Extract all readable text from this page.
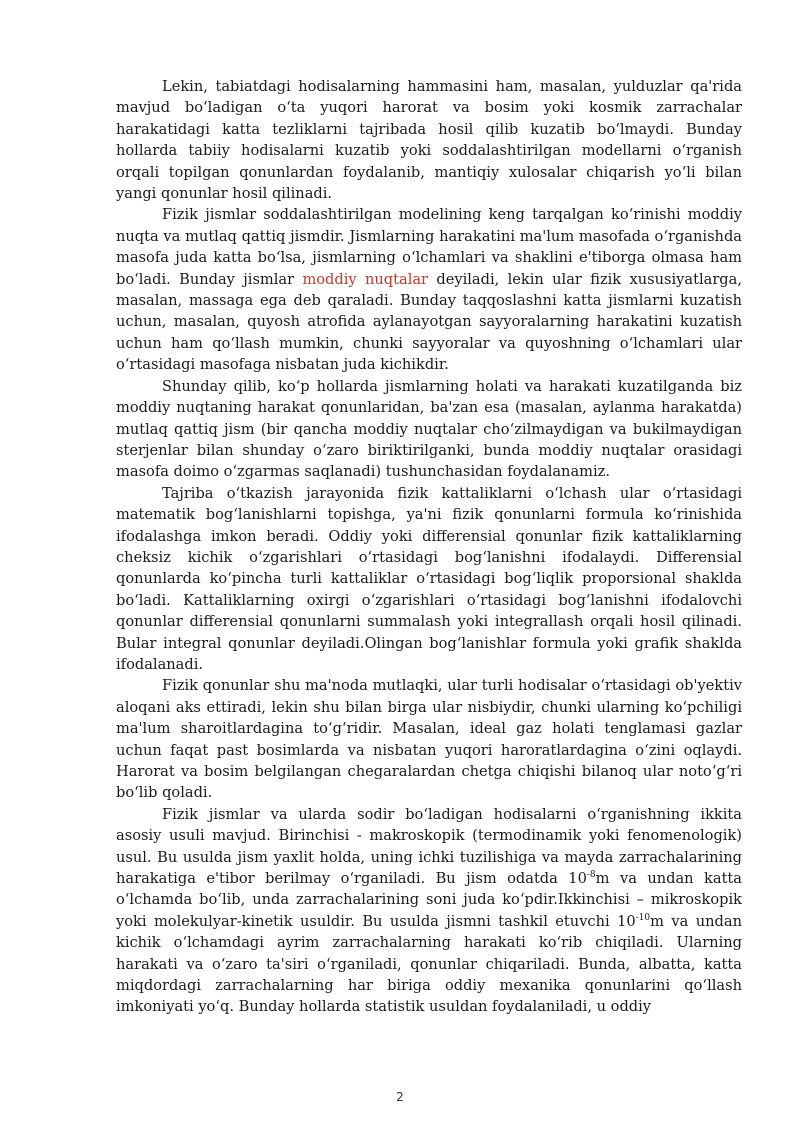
Lekin, tabiatdagi hodisalarning hammasini ham, masalan, yulduzlar qa'rida mavjud bo‘ladigan o‘ta yuqori harorat va bosim yoki kosmik zarrachalar harakatidagi katta tezliklarni tajribada hosil qilib kuzatib bo‘lmaydi. Bunday hollarda tabiiy hodisalarni kuzatib yoki soddalashtirilgan modellarni o‘rganish orqali topilgan qonunlardan foydalanib, mantiqiy xulosalar chiqarish yo‘li bilan yangi qonunlar hosil qilinadi.

Fizik jismlar soddalashtirilgan modelining keng tarqalgan ko‘rinishi moddiy nuqta va mutlaq qattiq jismdir. Jismlarning harakatini ma'lum masofada o‘rganishda masofa juda katta bo‘lsa, jismlarning o‘lchamlari va shaklini e'tiborga olmasa ham bo‘ladi. Bunday jismlar moddiy nuqtalar deyiladi, lekin ular fizik xususiyatlarga, masalan, massaga ega deb qaraladi. Bunday taqqoslashni katta jismlarni kuzatish uchun, masalan, quyosh atrofida aylanayotgan sayyoralarning harakatini kuzatish uchun ham qo‘llash mumkin, chunki sayyoralar va quyoshning o‘lchamlari ular o‘rtasidagi masofaga nisbatan juda kichikdir.

Shunday qilib, ko‘p hollarda jismlarning holati va harakati kuzatilganda biz moddiy nuqtaning harakat qonunlaridan, ba'zan esa (masalan, aylanma harakatda) mutlaq qattiq jism (bir qancha moddiy nuqtalar cho‘zilmaydigan va bukilmaydigan sterjenlar bilan shunday o‘zaro biriktirilganki, bunda moddiy nuqtalar orasidagi masofa doimo o‘zgarmas saqlanadi) tushunchasidan foydalanamiz.

Tajriba o‘tkazish jarayonida fizik kattaliklarni o‘lchash ular o‘rtasidagi matematik bog‘lanishlarni topishga, ya'ni fizik qonunlarni formula ko‘rinishida ifodalashga imkon beradi. Oddiy yoki differensial qonunlar fizik kattaliklarning cheksiz kichik o‘zgarishlari o‘rtasidagi bog‘lanishni ifodalaydi. Differensial qonunlarda ko‘pincha turli kattaliklar o‘rtasidagi bog‘liqlik proporsional shaklda bo‘ladi. Kattaliklarning oxirgi o‘zgarishlari o‘rtasidagi bog‘lanishni ifodalovchi qonunlar differensial qonunlarni summalash yoki integrallash orqali hosil qilinadi. Bular integral qonunlar deyiladi.Olingan bog‘lanishlar formula yoki grafik shaklda ifodalanadi.

Fizik qonunlar shu ma'noda mutlaqki, ular turli hodisalar o‘rtasidagi ob'yektiv aloqani aks ettiradi, lekin shu bilan birga ular nisbiydir, chunki ularning ko‘pchiligi ma'lum sharoitlardagina to‘g‘ridir. Masalan, ideal gaz holati tenglamasi gazlar uchun faqat past bosimlarda va nisbatan yuqori haroratlardagina o‘zini oqlaydi. Harorat va bosim belgilangan chegaralardan chetga chiqishi bilanoq ular noto‘g‘ri bo‘lib qoladi.

Fizik jismlar va ularda sodir bo‘ladigan hodisalarni o‘rganishning ikkita asosiy usuli mavjud. Birinchisi - makroskopik (termodinamik yoki fenomenologik) usul. Bu usulda jism yaxlit holda, uning ichki tuzilishiga va mayda zarrachalarining harakatiga e'tibor berilmay o‘rganiladi. Bu jism odatda $10^{-8}m$ va undan katta o‘lchamda bo‘lib, unda zarrachalarining soni juda ko‘pdir.Ikkinchisi – mikroskopik yoki molekulyar-kinetik usuldir. Bu usulda jismni tashkil etuvchi $10^{-10}m$ va undan kichik o‘lchamdagi ayrim zarrachalarning harakati ko‘rib chiqiladi. Ularning harakati va o‘zaro ta'siri o‘rganiladi, qonunlar chiqariladi. Bunda, albatta, katta miqdordagi zarrachalarning har biriga oddiy mexanika qonunlarini qo‘llash imkoniyati yo‘q. Bunday hollarda statistik usuldan foydalaniladi, u oddiy

2
